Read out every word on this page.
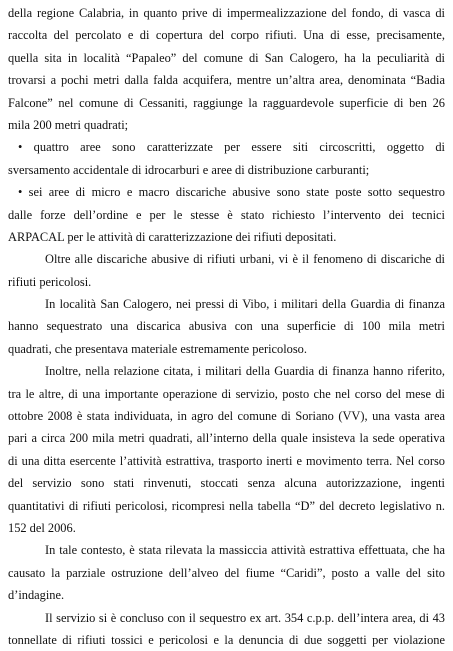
della regione Calabria, in quanto prive di impermealizzazione del fondo, di vasca di
raccolta del percolato e di copertura del corpo rifiuti. Una di esse, precisamente,
quella sita in località “Papaleo” del comune di San Calogero, ha la peculiarità di
trovarsi a pochi metri dalla falda acquifera, mentre un’altra area, denominata “Badia
Falcone” nel comune di Cessaniti, raggiunge la ragguardevole superficie di ben 26
mila 200 metri quadrati;
• quattro aree sono caratterizzate per essere siti circoscritti, oggetto di
sversamento accidentale di idrocarburi e aree di distribuzione carburanti;
• sei aree di micro e macro discariche abusive sono state poste sotto sequestro
dalle forze dell’ordine e per le stesse è stato richiesto l’intervento dei tecnici
ARPACAL per le attività di caratterizzazione dei rifiuti depositati.
Oltre alle discariche abusive di rifiuti urbani, vi è il fenomeno di discariche di
rifiuti pericolosi.
In località San Calogero, nei pressi di Vibo, i militari della Guardia di finanza
hanno sequestrato una discarica abusiva con una superficie di 100 mila metri
quadrati, che presentava materiale estremamente pericoloso.
Inoltre, nella relazione citata, i militari della Guardia di finanza hanno riferito,
tra le altre, di una importante operazione di servizio, posto che nel corso del mese di
ottobre 2008 è stata individuata, in agro del comune di Soriano (VV), una vasta area
pari a circa 200 mila metri quadrati, all’interno della quale insisteva la sede operativa
di una ditta esercente l’attività estrattiva, trasporto inerti e movimento terra. Nel corso
del servizio sono stati rinvenuti, stoccati senza alcuna autorizzazione, ingenti
quantitativi di rifiuti pericolosi, ricompresi nella tabella “D” del decreto legislativo n.
152 del 2006.
In tale contesto, è stata rilevata la massiccia attività estrattiva effettuata, che ha
causato la parziale ostruzione dell’alveo del fiume “Caridi”, posto a valle del sito
d’indagine.
Il servizio si è concluso con il sequestro ex art. 354 c.p.p. dell’intera area, di 43
tonnellate di rifiuti tossici e pericolosi e la denuncia di due soggetti per violazione
